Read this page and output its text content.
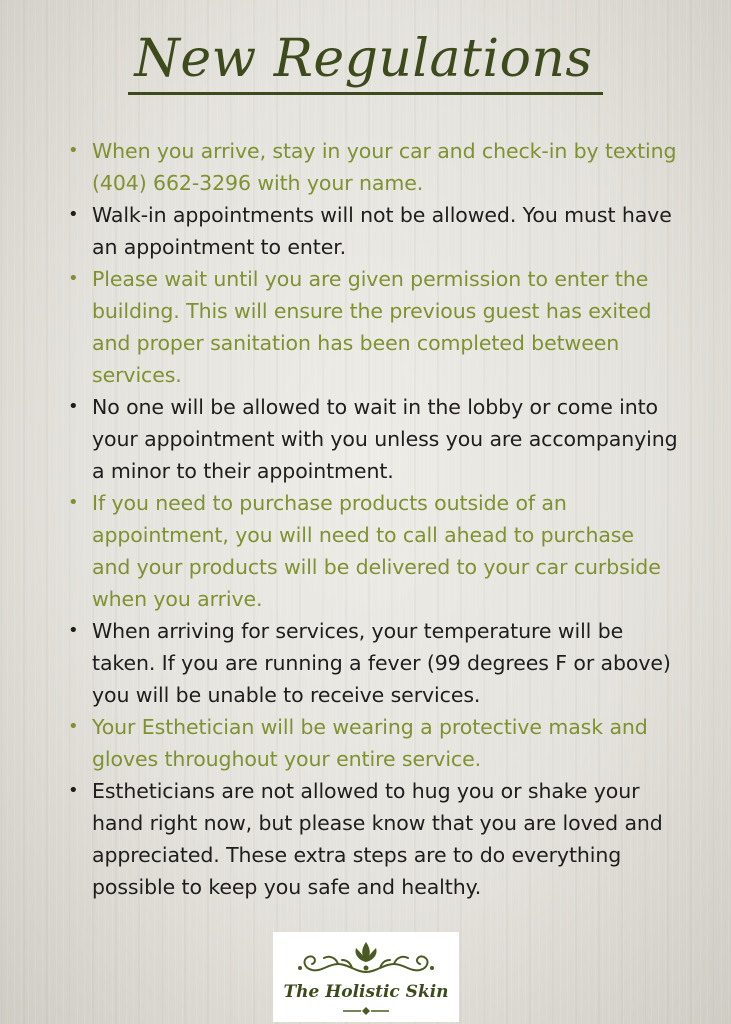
New Regulations
• When you arrive, stay in your car and check-in by texting (404) 662-3296 with your name.
• Walk-in appointments will not be allowed. You must have an appointment to enter.
• Please wait until you are given permission to enter the building. This will ensure the previous guest has exited and proper sanitation has been completed between services.
• No one will be allowed to wait in the lobby or come into your appointment with you unless you are accompanying a minor to their appointment.
• If you need to purchase products outside of an appointment, you will need to call ahead to purchase and your products will be delivered to your car curbside when you arrive.
• When arriving for services, your temperature will be taken. If you are running a fever (99 degrees F or above) you will be unable to receive services.
• Your Esthetician will be wearing a protective mask and gloves throughout your entire service.
• Estheticians are not allowed to hug you or shake your hand right now, but please know that you are loved and appreciated. These extra steps are to do everything possible to keep you safe and healthy.
The Holistic Skin
